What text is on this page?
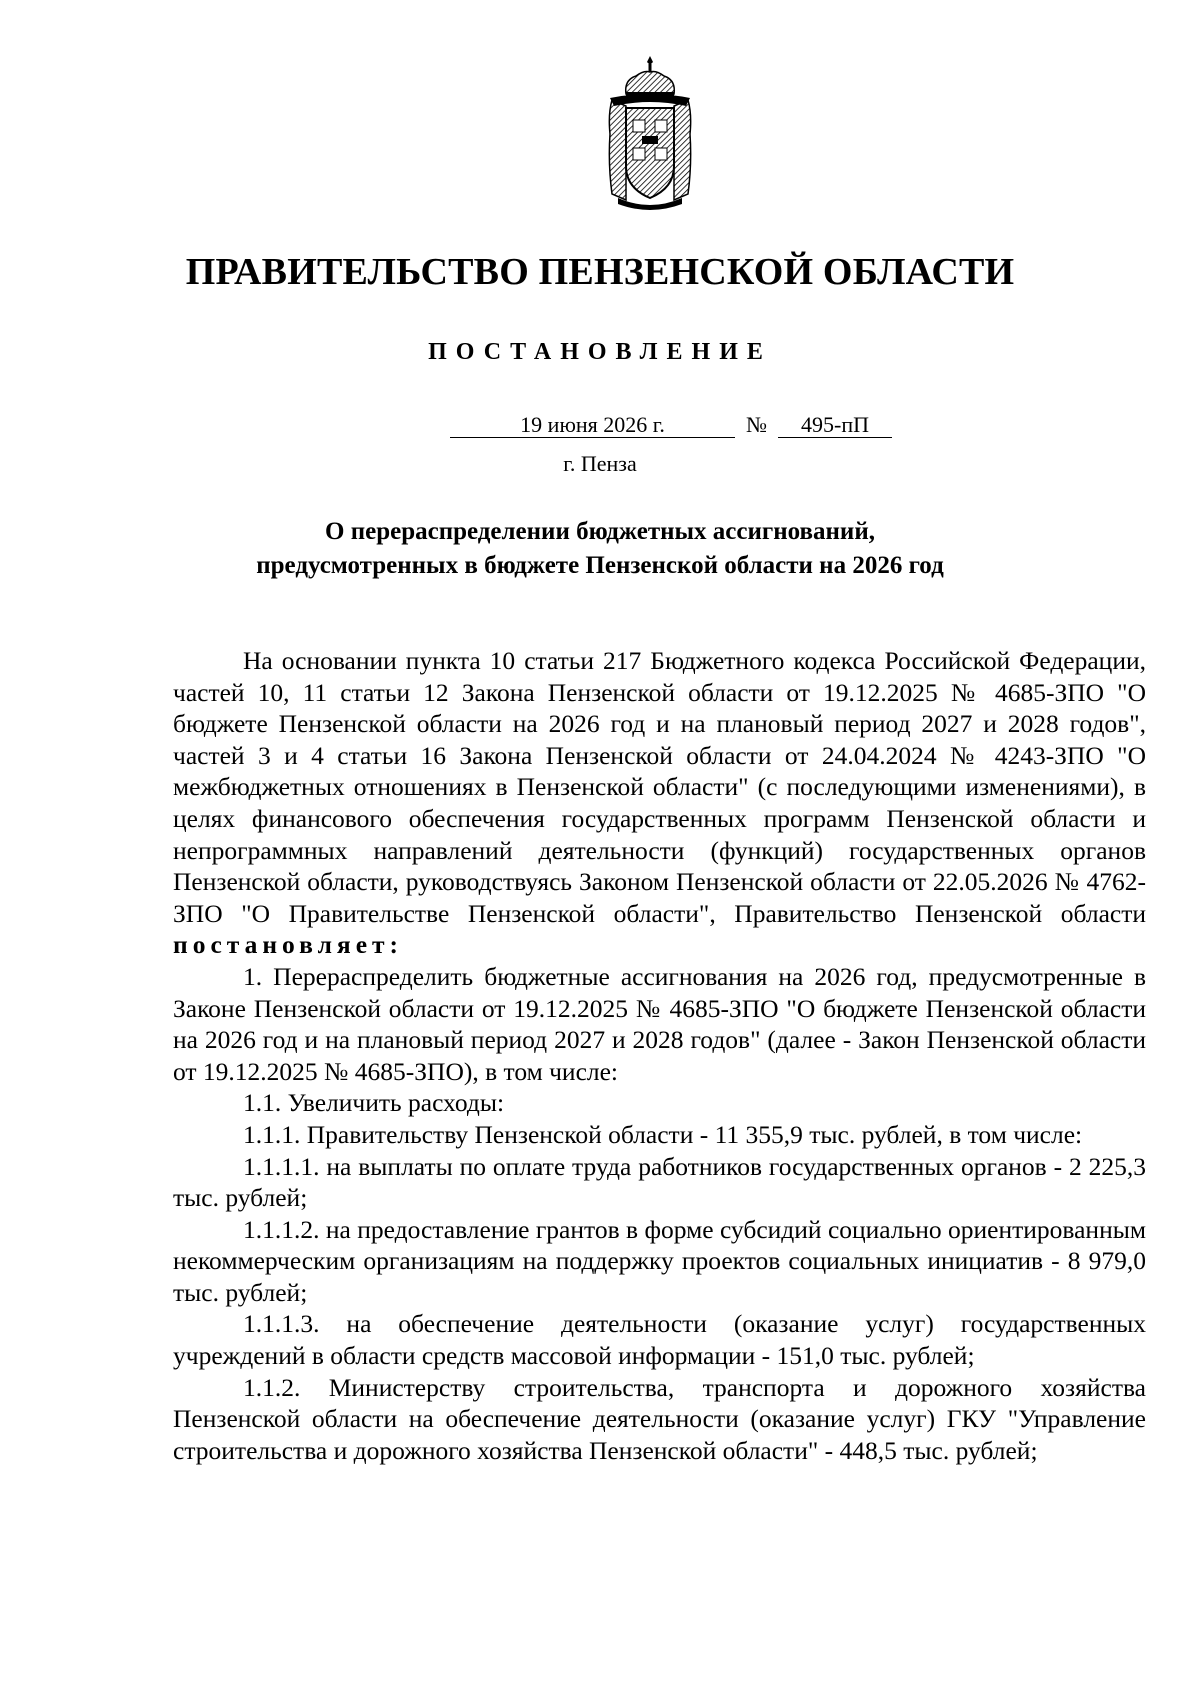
ПРАВИТЕЛЬСТВО ПЕНЗЕНСКОЙ ОБЛАСТИ
ПОСТАНОВЛЕНИЕ
19 июня 2026 г.	№	495-пП
г. Пенза
О перераспределении бюджетных ассигнований,
предусмотренных в бюджете Пензенской области на 2026 год

На основании пункта 10 статьи 217 Бюджетного кодекса Российской Федерации, частей 10, 11 статьи 12 Закона Пензенской области от 19.12.2025 № 4685-ЗПО "О бюджете Пензенской области на 2026 год и на плановый период 2027 и 2028 годов", частей 3 и 4 статьи 16 Закона Пензенской области от 24.04.2024 № 4243-ЗПО "О межбюджетных отношениях в Пензенской области" (с последующими изменениями), в целях финансового обеспечения государственных программ Пензенской области и непрограммных направлений деятельности (функций) государственных органов Пензенской области, руководствуясь Законом Пензенской области от 22.05.2026 № 4762-ЗПО "О Правительстве Пензенской области", Правительство Пензенской области постановляет:

1. Перераспределить бюджетные ассигнования на 2026 год, предусмотренные в Законе Пензенской области от 19.12.2025 № 4685-ЗПО "О бюджете Пензенской области на 2026 год и на плановый период 2027 и 2028 годов" (далее - Закон Пензенской области от 19.12.2025 № 4685-ЗПО), в том числе:

1.1. Увеличить расходы:

1.1.1. Правительству Пензенской области - 11 355,9 тыс. рублей, в том числе:

1.1.1.1. на выплаты по оплате труда работников государственных органов - 2 225,3 тыс. рублей;

1.1.1.2. на предоставление грантов в форме субсидий социально ориентированным некоммерческим организациям на поддержку проектов социальных инициатив - 8 979,0 тыс. рублей;

1.1.1.3. на обеспечение деятельности (оказание услуг) государственных учреждений в области средств массовой информации - 151,0 тыс. рублей;

1.1.2. Министерству строительства, транспорта и дорожного хозяйства Пензенской области на обеспечение деятельности (оказание услуг) ГКУ "Управление строительства и дорожного хозяйства Пензенской области" - 448,5 тыс. рублей;
